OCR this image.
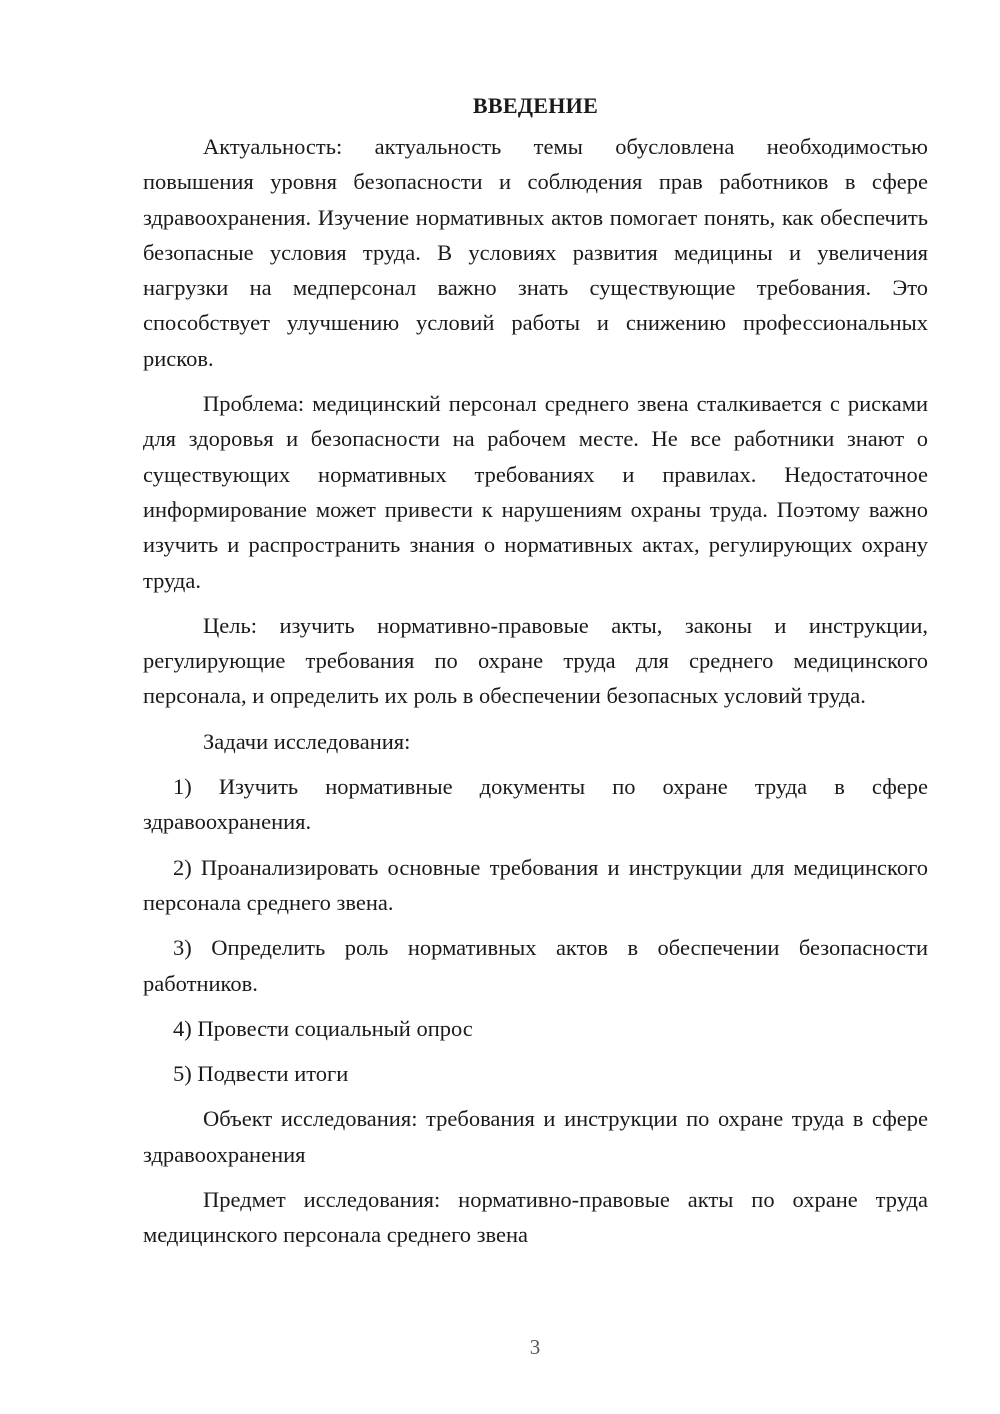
ВВЕДЕНИЕ

Актуальность: актуальность темы обусловлена необходимостью повышения уровня безопасности и соблюдения прав работников в сфере здравоохранения. Изучение нормативных актов помогает понять, как обеспечить безопасные условия труда. В условиях развития медицины и увеличения нагрузки на медперсонал важно знать существующие требования. Это способствует улучшению условий работы и снижению профессиональных рисков.

Проблема: медицинский персонал среднего звена сталкивается с рисками для здоровья и безопасности на рабочем месте. Не все работники знают о существующих нормативных требованиях и правилах. Недостаточное информирование может привести к нарушениям охраны труда. Поэтому важно изучить и распространить знания о нормативных актах, регулирующих охрану труда.

Цель: изучить нормативно-правовые акты, законы и инструкции, регулирующие требования по охране труда для среднего медицинского персонала, и определить их роль в обеспечении безопасных условий труда.

Задачи исследования:

1) Изучить нормативные документы по охране труда в сфере здравоохранения.

2) Проанализировать основные требования и инструкции для медицинского персонала среднего звена.

3) Определить роль нормативных актов в обеспечении безопасности работников.

4) Провести социальный опрос

5) Подвести итоги

Объект исследования: требования и инструкции по охране труда в сфере здравоохранения

Предмет исследования: нормативно-правовые акты по охране труда медицинского персонала среднего звена

3
